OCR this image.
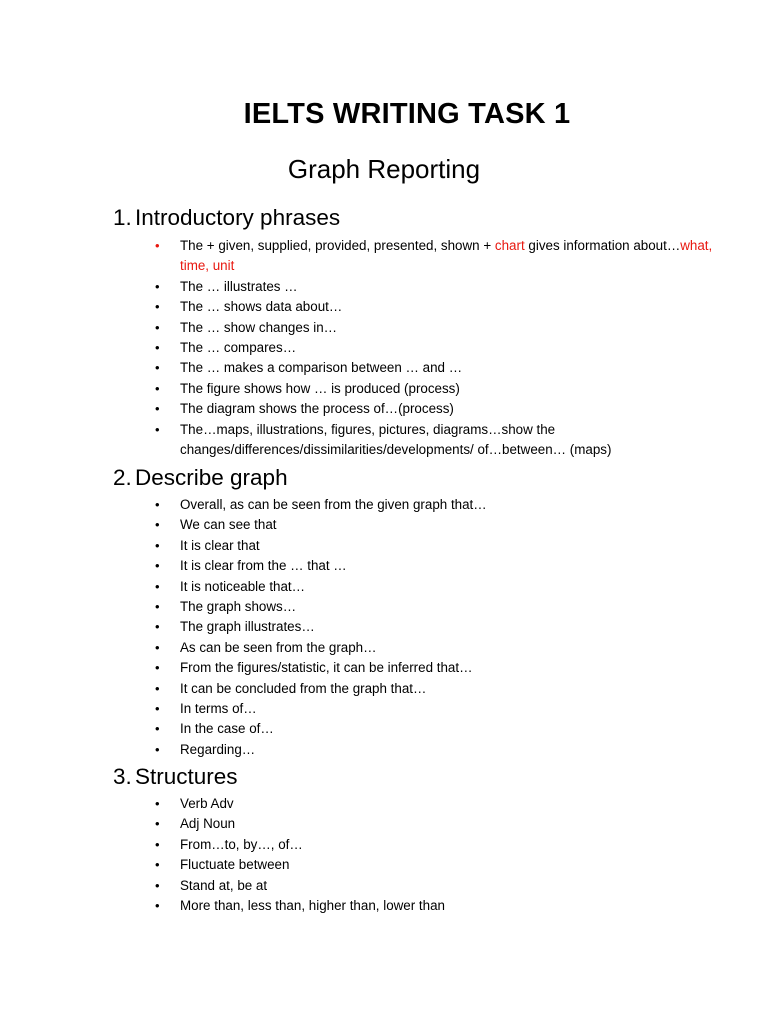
IELTS WRITING TASK 1
Graph Reporting
1. Introductory phrases
• The + given, supplied, provided, presented, shown + chart gives information about…what, time, unit
• The … illustrates …
• The … shows data about…
• The … show changes in…
• The … compares…
• The … makes a comparison between … and …
• The figure shows how … is produced (process)
• The diagram shows the process of…(process)
• The…maps, illustrations, figures, pictures, diagrams…show the changes/differences/dissimilarities/developments/ of…between… (maps)
2. Describe graph
• Overall, as can be seen from the given graph that…
• We can see that
• It is clear that
• It is clear from the … that …
• It is noticeable that…
• The graph shows…
• The graph illustrates…
• As can be seen from the graph…
• From the figures/statistic, it can be inferred that…
• It can be concluded from the graph that…
• In terms of…
• In the case of…
• Regarding…
3. Structures
• Verb Adv
• Adj Noun
• From…to, by…, of…
• Fluctuate between
• Stand at, be at
• More than, less than, higher than, lower than
